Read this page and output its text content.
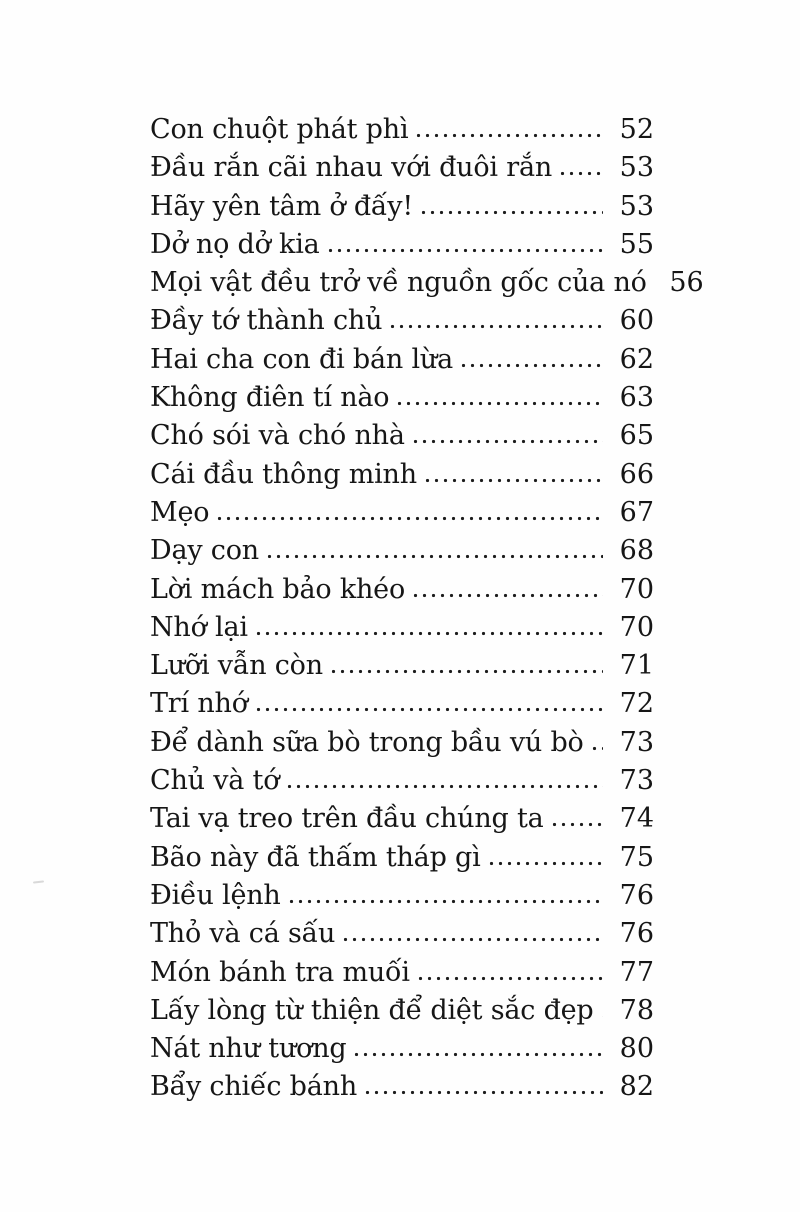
Con chuột phát phì	52
Đầu rắn cãi nhau với đuôi rắn	53
Hãy yên tâm ở đấy!	53
Dở nọ dở kia	55
Mọi vật đều trở về nguồn gốc của nó 56
Đầy tớ thành chủ	60
Hai cha con đi bán lừa	62
Không điên tí nào	63
Chó sói và chó nhà	65
Cái đầu thông minh	66
Mẹo	67
Dạy con	68
Lời mách bảo khéo	70
Nhớ lại	70
Lưỡi vẫn còn	71
Trí nhớ	72
Để dành sữa bò trong bầu vú bò	73
Chủ và tớ	73
Tai vạ treo trên đầu chúng ta	74
Bão này đã thấm tháp gì	75
Điều lệnh	76
Thỏ và cá sấu	76
Món bánh tra muối	77
Lấy lòng từ thiện để diệt sắc đẹp 78
Nát như tương	80
Bẩy chiếc bánh	82
